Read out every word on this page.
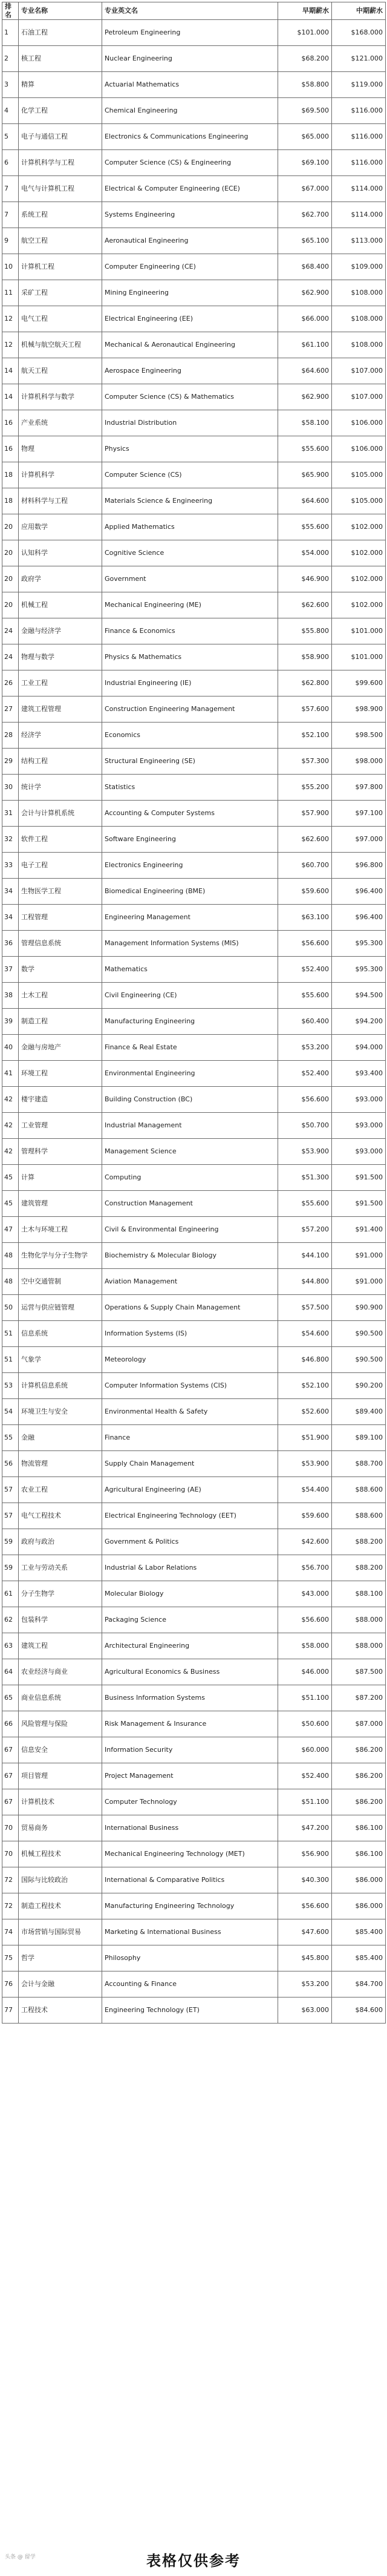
排名	专业名称	专业英文名	早期薪水	中期薪水
1	石油工程	Petroleum Engineering	$101.000	$168.000
2	核工程	Nuclear Engineering	$68.200	$121.000
3	精算	Actuarial Mathematics	$58.800	$119.000
4	化学工程	Chemical Engineering	$69.500	$116.000
5	电子与通信工程	Electronics & Communications Engineering	$65.000	$116.000
6	计算机科学与工程	Computer Science (CS) & Engineering	$69.100	$116.000
7	电气与计算机工程	Electrical & Computer Engineering (ECE)	$67.000	$114.000
7	系统工程	Systems Engineering	$62.700	$114.000
9	航空工程	Aeronautical Engineering	$65.100	$113.000
10	计算机工程	Computer Engineering (CE)	$68.400	$109.000
11	采矿工程	Mining Engineering	$62.900	$108.000
12	电气工程	Electrical Engineering (EE)	$66.000	$108.000
12	机械与航空航天工程	Mechanical & Aeronautical Engineering	$61.100	$108.000
14	航天工程	Aerospace Engineering	$64.600	$107.000
14	计算机科学与数学	Computer Science (CS) & Mathematics	$62.900	$107.000
16	产业系统	Industrial Distribution	$58.100	$106.000
16	物理	Physics	$55.600	$106.000
18	计算机科学	Computer Science (CS)	$65.900	$105.000
18	材料科学与工程	Materials Science & Engineering	$64.600	$105.000
20	应用数学	Applied Mathematics	$55.600	$102.000
20	认知科学	Cognitive Science	$54.000	$102.000
20	政府学	Government	$46.900	$102.000
20	机械工程	Mechanical Engineering (ME)	$62.600	$102.000
24	金融与经济学	Finance & Economics	$55.800	$101.000
24	物理与数学	Physics & Mathematics	$58.900	$101.000
26	工业工程	Industrial Engineering (IE)	$62.800	$99.600
27	建筑工程管理	Construction Engineering Management	$57.600	$98.900
28	经济学	Economics	$52.100	$98.500
29	结构工程	Structural Engineering (SE)	$57.300	$98.000
30	统计学	Statistics	$55.200	$97.800
31	会计与计算机系统	Accounting & Computer Systems	$57.900	$97.100
32	软件工程	Software Engineering	$62.600	$97.000
33	电子工程	Electronics Engineering	$60.700	$96.800
34	生物医学工程	Biomedical Engineering (BME)	$59.600	$96.400
34	工程管理	Engineering Management	$63.100	$96.400
36	管理信息系统	Management Information Systems (MIS)	$56.600	$95.300
37	数学	Mathematics	$52.400	$95.300
38	土木工程	Civil Engineering (CE)	$55.600	$94.500
39	制造工程	Manufacturing Engineering	$60.400	$94.200
40	金融与房地产	Finance & Real Estate	$53.200	$94.000
41	环境工程	Environmental Engineering	$52.400	$93.400
42	楼宇建造	Building Construction (BC)	$56.600	$93.000
42	工业管理	Industrial Management	$50.700	$93.000
42	管理科学	Management Science	$53.900	$93.000
45	计算	Computing	$51.300	$91.500
45	建筑管理	Construction Management	$55.600	$91.500
47	土木与环境工程	Civil & Environmental Engineering	$57.200	$91.400
48	生物化学与分子生物学	Biochemistry & Molecular Biology	$44.100	$91.000
48	空中交通管制	Aviation Management	$44.800	$91.000
50	运营与供应链管理	Operations & Supply Chain Management	$57.500	$90.900
51	信息系统	Information Systems (IS)	$54.600	$90.500
51	气象学	Meteorology	$46.800	$90.500
53	计算机信息系统	Computer Information Systems (CIS)	$52.100	$90.200
54	环境卫生与安全	Environmental Health & Safety	$52.600	$89.400
55	金融	Finance	$51.900	$89.100
56	物流管理	Supply Chain Management	$53.900	$88.700
57	农业工程	Agricultural Engineering (AE)	$54.400	$88.600
57	电气工程技术	Electrical Engineering Technology (EET)	$59.600	$88.600
59	政府与政治	Government & Politics	$42.600	$88.200
59	工业与劳动关系	Industrial & Labor Relations	$56.700	$88.200
61	分子生物学	Molecular Biology	$43.000	$88.100
62	包装科学	Packaging Science	$56.600	$88.000
63	建筑工程	Architectural Engineering	$58.000	$88.000
64	农业经济与商业	Agricultural Economics & Business	$46.000	$87.500
65	商业信息系统	Business Information Systems	$51.100	$87.200
66	风险管理与保险	Risk Management & Insurance	$50.600	$87.000
67	信息安全	Information Security	$60.000	$86.200
67	项目管理	Project Management	$52.400	$86.200
67	计算机技术	Computer Technology	$51.100	$86.200
70	贸易商务	International Business	$47.200	$86.100
70	机械工程技术	Mechanical Engineering Technology (MET)	$56.900	$86.100
72	国际与比较政治	International & Comparative Politics	$40.300	$86.000
72	制造工程技术	Manufacturing Engineering Technology	$56.600	$86.000
74	市场营销与国际贸易	Marketing & International Business	$47.600	$85.400
75	哲学	Philosophy	$45.800	$85.400
76	会计与金融	Accounting & Finance	$53.200	$84.700
77	工程技术	Engineering Technology (ET)	$63.000	$84.600
表格仅供参考
头条 @ 留学
